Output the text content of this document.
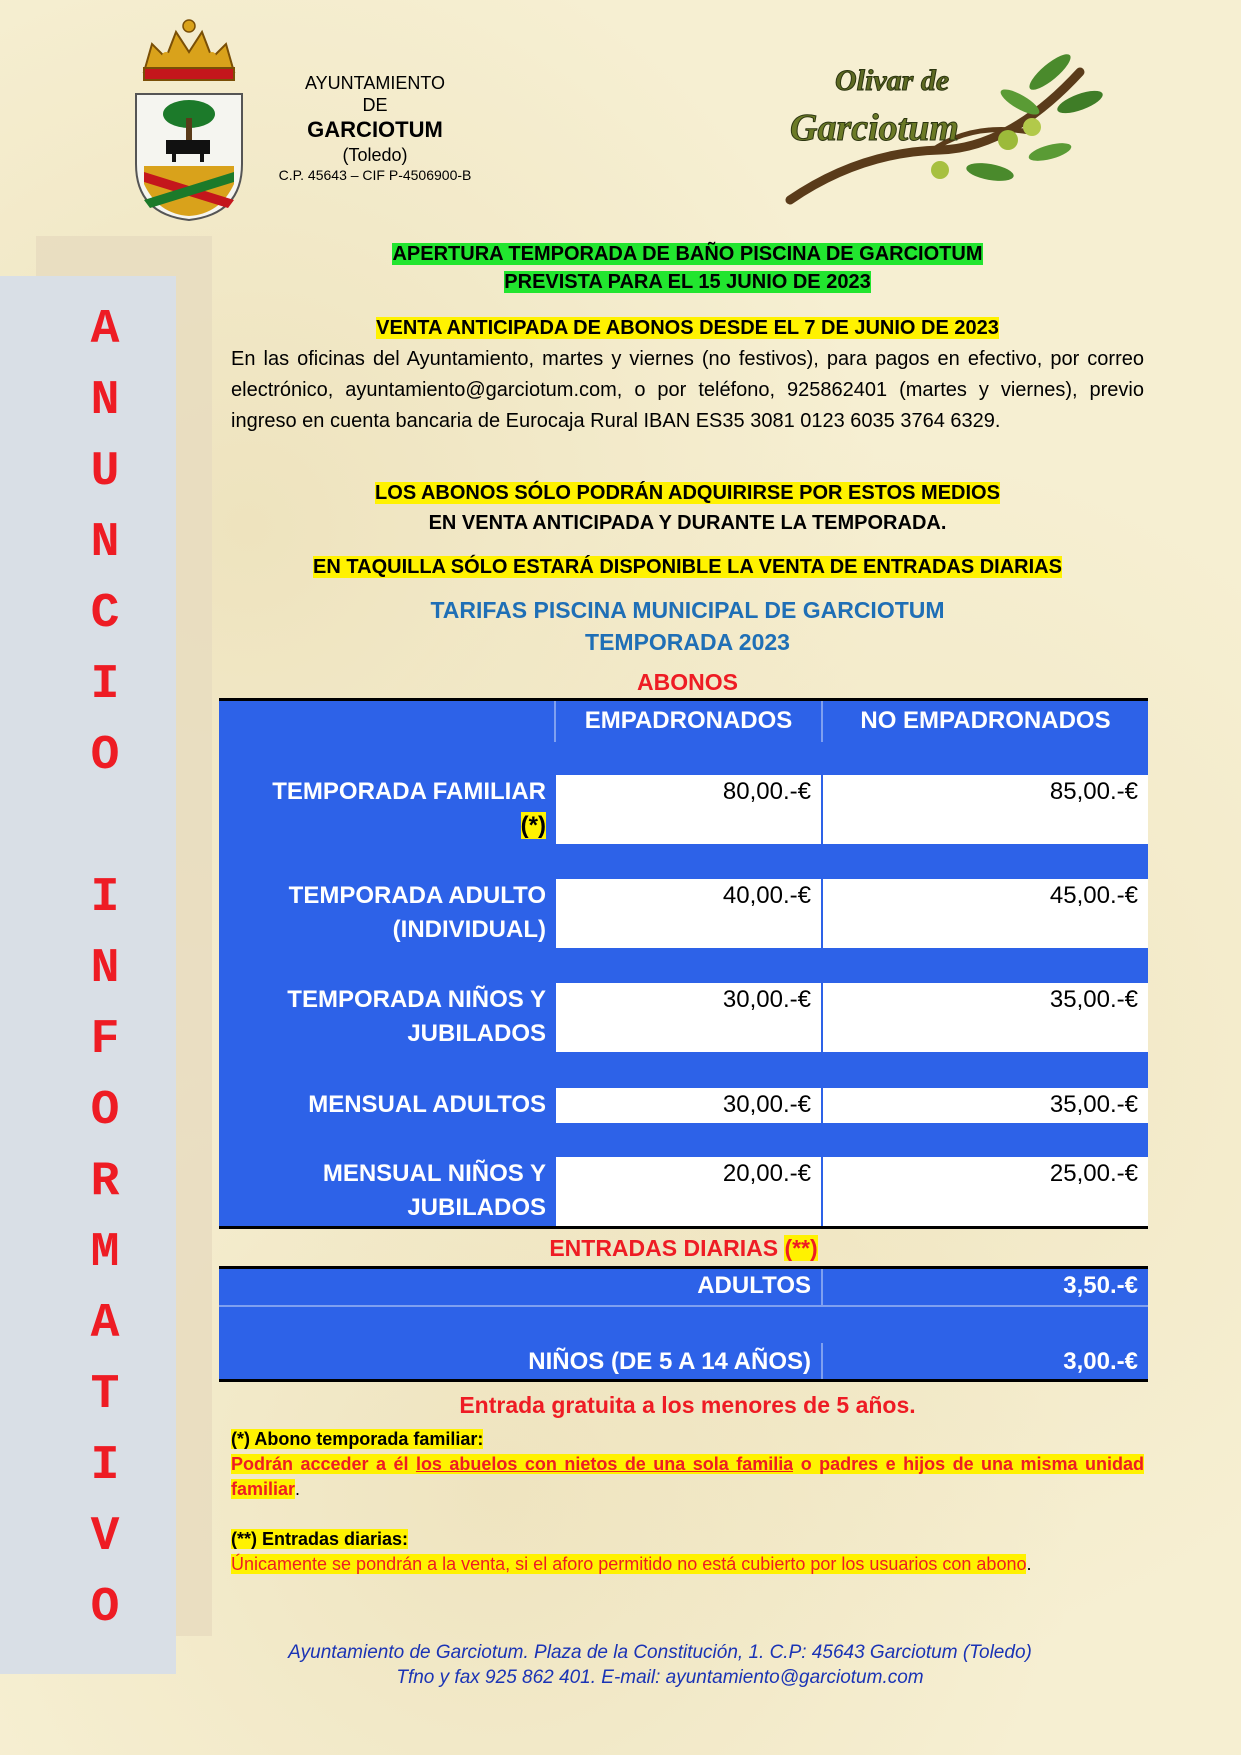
AYUNTAMIENTO
DE
GARCIOTUM
(Toledo)
C.P. 45643 – CIF P-4506900-B
Olivar de
Garciotum
A
N
U
N
C
I
O
I
N
F
O
R
M
A
T
I
V
O
APERTURA TEMPORADA DE BAÑO PISCINA DE GARCIOTUM
PREVISTA PARA EL 15 JUNIO DE 2023
VENTA ANTICIPADA DE ABONOS DESDE EL 7 DE JUNIO DE 2023
En las oficinas del Ayuntamiento, martes y viernes (no festivos), para pagos en efectivo, por correo electrónico, ayuntamiento@garciotum.com, o por teléfono, 925862401 (martes y viernes), previo ingreso en cuenta bancaria de Eurocaja Rural IBAN ES35 3081 0123 6035 3764 6329.
LOS ABONOS SÓLO PODRÁN ADQUIRIRSE POR ESTOS MEDIOS
EN VENTA ANTICIPADA Y DURANTE LA TEMPORADA.
EN TAQUILLA SÓLO ESTARÁ DISPONIBLE LA VENTA DE ENTRADAS DIARIAS
TARIFAS PISCINA MUNICIPAL DE GARCIOTUM
TEMPORADA 2023
ABONOS
EMPADRONADOS	NO EMPADRONADOS
TEMPORADA FAMILIAR
(*)
80,00.-€	85,00.-€
TEMPORADA ADULTO
(INDIVIDUAL)
40,00.-€	45,00.-€
TEMPORADA NIÑOS Y
JUBILADOS
30,00.-€	35,00.-€
MENSUAL ADULTOS	30,00.-€	35,00.-€
MENSUAL NIÑOS Y
JUBILADOS
20,00.-€	25,00.-€
ENTRADAS DIARIAS (**)
ADULTOS	3,50.-€
NIÑOS (DE 5 A 14 AÑOS)	3,00.-€
Entrada gratuita a los menores de 5 años.
(*) Abono temporada familiar:
Podrán acceder a él los abuelos con nietos de una sola familia o padres e hijos de una misma unidad familiar.
(**) Entradas diarias:
Únicamente se pondrán a la venta, si el aforo permitido no está cubierto por los usuarios con abono.
Ayuntamiento de Garciotum. Plaza de la Constitución, 1. C.P: 45643 Garciotum (Toledo)
Tfno y fax 925 862 401. E-mail: ayuntamiento@garciotum.com
